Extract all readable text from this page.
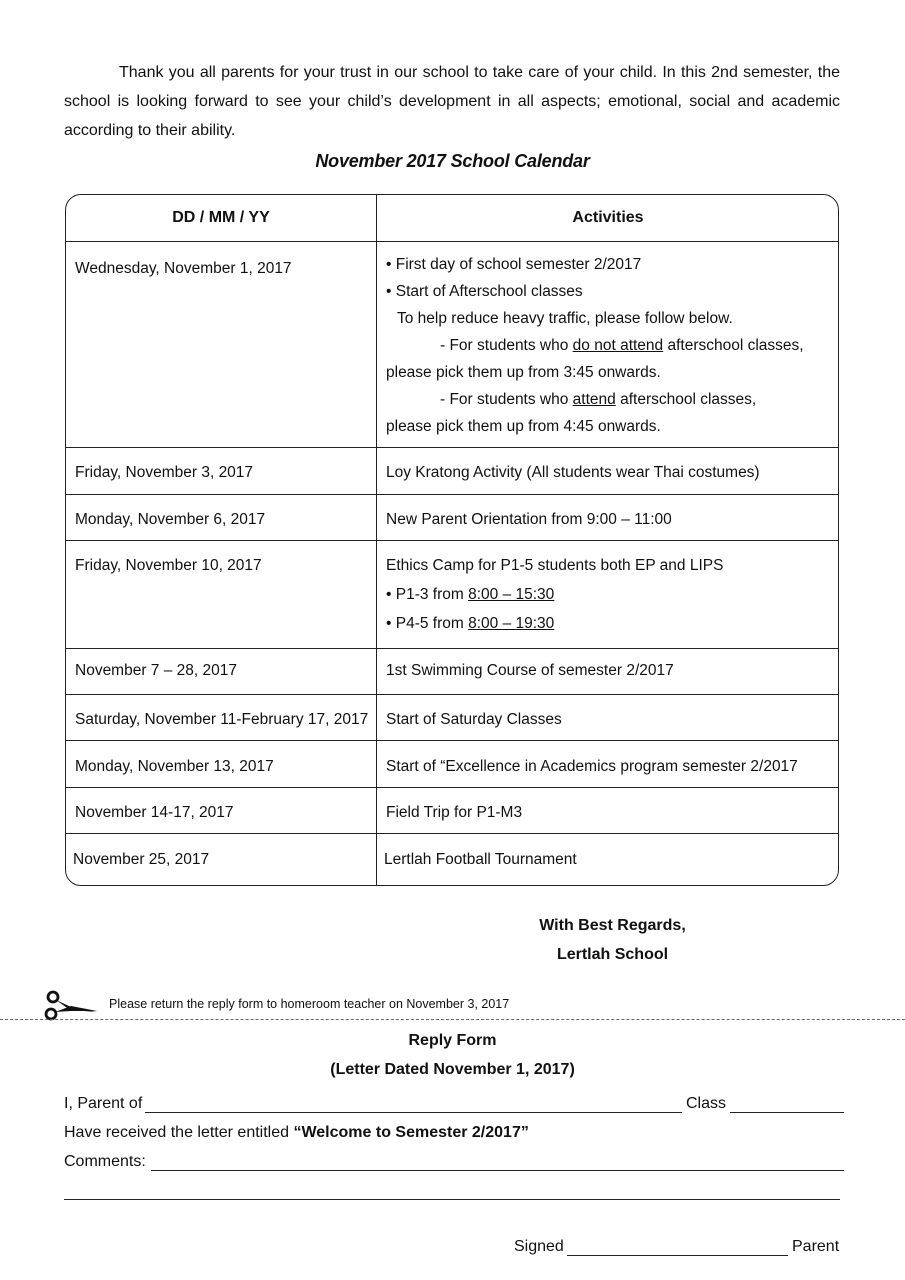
Thank you all parents for your trust in our school to take care of your child. In this 2nd semester, the school is looking forward to see your child’s development in all aspects; emotional, social and academic according to their ability.
November 2017 School Calendar
DD / MM / YY	Activities
Wednesday, November 1, 2017	• First day of school semester 2/2017
• Start of Afterschool classes
To help reduce heavy traffic, please follow below.
- For students who do not attend afterschool classes,
please pick them up from 3:45 onwards.
- For students who attend afterschool classes,
please pick them up from 4:45 onwards.
Friday, November 3, 2017	Loy Kratong Activity (All students wear Thai costumes)
Monday, November 6, 2017	New Parent Orientation from 9:00 – 11:00
Friday, November 10, 2017	Ethics Camp for P1-5 students both EP and LIPS
• P1-3 from 8:00 – 15:30
• P4-5 from 8:00 – 19:30
November 7 – 28, 2017	1st Swimming Course of semester 2/2017
Saturday, November 11-February 17, 2017 Start of Saturday Classes
Monday, November 13, 2017	Start of “Excellence in Academics program semester 2/2017
November 14-17, 2017	Field Trip for P1-M3
November 25, 2017	Lertlah Football Tournament
With Best Regards,
Lertlah School
Please return the reply form to homeroom teacher on November 3, 2017
Reply Form
(Letter Dated November 1, 2017)
I, Parent of	Class
Have received the letter entitled “Welcome to Semester 2/2017”
Comments:
Signed	Parent
